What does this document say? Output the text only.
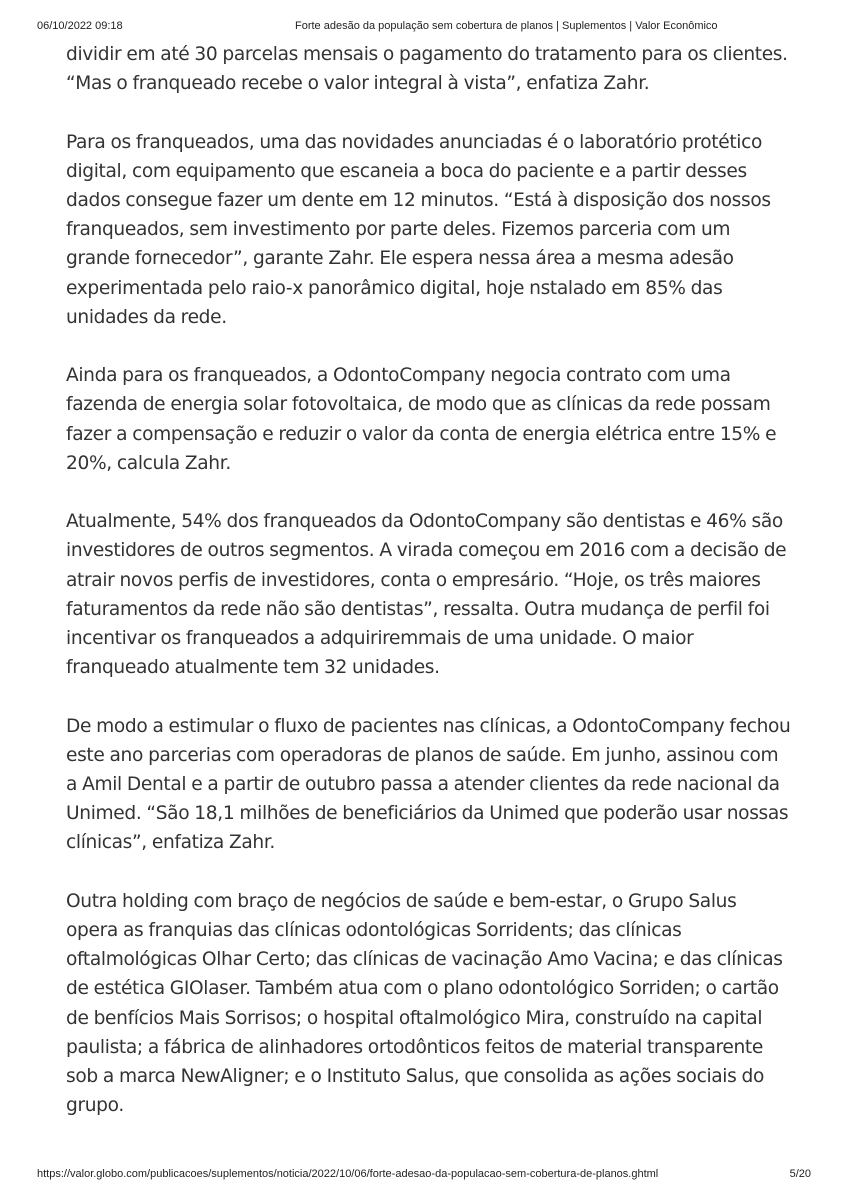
06/10/2022 09:18	Forte adesão da população sem cobertura de planos | Suplementos | Valor Econômico

dividir em até 30 parcelas mensais o pagamento do tratamento para os clientes. “Mas o franqueado recebe o valor integral à vista”, enfatiza Zahr.

Para os franqueados, uma das novidades anunciadas é o laboratório protético digital, com equipamento que escaneia a boca do paciente e a partir desses dados consegue fazer um dente em 12 minutos. “Está à disposição dos nossos franqueados, sem investimento por parte deles. Fizemos parceria com um grande fornecedor”, garante Zahr. Ele espera nessa área a mesma adesão experimentada pelo raio-x panorâmico digital, hoje nstalado em 85% das unidades da rede.

Ainda para os franqueados, a OdontoCompany negocia contrato com uma fazenda de energia solar fotovoltaica, de modo que as clínicas da rede possam fazer a compensação e reduzir o valor da conta de energia elétrica entre 15% e 20%, calcula Zahr.

Atualmente, 54% dos franqueados da OdontoCompany são dentistas e 46% são investidores de outros segmentos. A virada começou em 2016 com a decisão de atrair novos perfis de investidores, conta o empresário. “Hoje, os três maiores faturamentos da rede não são dentistas”, ressalta. Outra mudança de perfil foi incentivar os franqueados a adquiriremmais de uma unidade. O maior franqueado atualmente tem 32 unidades.

De modo a estimular o fluxo de pacientes nas clínicas, a OdontoCompany fechou este ano parcerias com operadoras de planos de saúde. Em junho, assinou com a Amil Dental e a partir de outubro passa a atender clientes da rede nacional da Unimed. “São 18,1 milhões de beneficiários da Unimed que poderão usar nossas clínicas”, enfatiza Zahr.

Outra holding com braço de negócios de saúde e bem-estar, o Grupo Salus opera as franquias das clínicas odontológicas Sorridents; das clínicas oftalmológicas Olhar Certo; das clínicas de vacinação Amo Vacina; e das clínicas de estética GIOlaser. Também atua com o plano odontológico Sorriden; o cartão de benfícios Mais Sorrisos; o hospital oftalmológico Mira, construído na capital paulista; a fábrica de alinhadores ortodônticos feitos de material transparente sob a marca NewAligner; e o Instituto Salus, que consolida as ações sociais do grupo.

https://valor.globo.com/publicacoes/suplementos/noticia/2022/10/06/forte-adesao-da-populacao-sem-cobertura-de-planos.ghtml	5/20
